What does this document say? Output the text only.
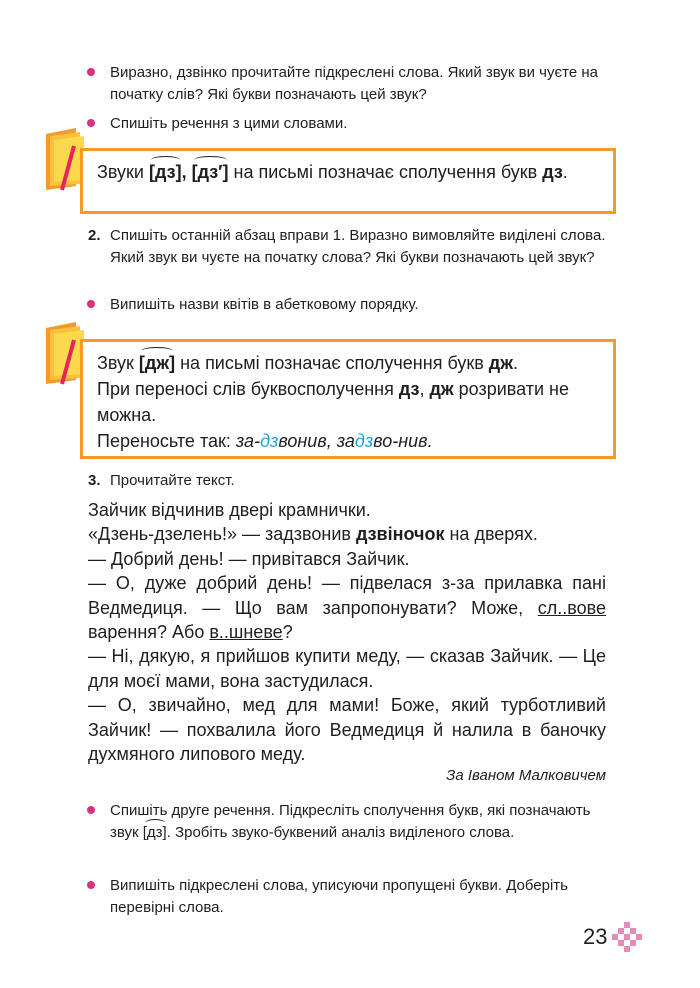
Виразно, дзвінко прочитайте підкреслені слова. Який звук ви чуєте на початку слів? Які букви позначають цей звук?
Спишіть речення з цими словами.
Звуки [дз], [дз′] на письмі позначає сполучення букв дз.
2. Спишіть останній абзац вправи 1. Виразно вимовляйте виділені слова. Який звук ви чуєте на початку слова? Які букви позначають цей звук?
Випишіть назви квітів в абетковому порядку.
Звук [дж] на письмі позначає сполучення букв дж.
При переносі слів буквосполучення дз, дж розривати не можна.
Переносьте так: за-дзвонив, задзво-нив.
3. Прочитайте текст.

Зайчик відчинив двері крамнички.

«Дзень-дзелень!» — задзвонив дзвіночок на дверях.

— Добрий день! — привітався Зайчик.

— О, дуже добрий день! — підвелася з-за прилавка пані Ведмедиця. — Що вам запропонувати? Може, сл..вове варення? Або в..шневе?

— Ні, дякую, я прийшов купити меду, — сказав Зайчик. — Це для моєї мами, вона застудилася.

— О, звичайно, мед для мами! Боже, який турботливий Зайчик! — похвалила його Ведмедиця й налила в баночку духмяного липового меду.

За Іваном Малковичем
Спишіть друге речення. Підкресліть сполучення букв, які позначають звук [дз]. Зробіть звуко-буквений аналіз виділеного слова.
Випишіть підкреслені слова, уписуючи пропущені букви. Доберіть перевірні слова.
23
